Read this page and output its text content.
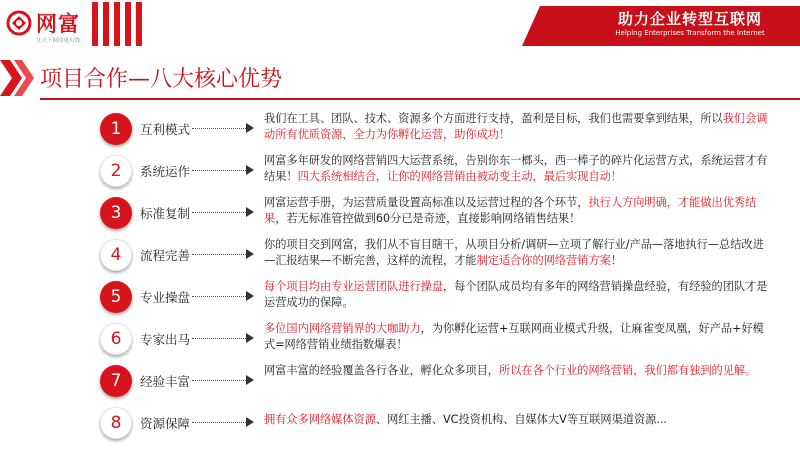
网富
让天下网商更有钱
助力企业转型互联网
Helping Enterprises Transform the Internet
项目合作—八大核心优势
1	互利模式
我们在工具、团队、技术、资源多个方面进行支持，盈利是目标，我们也需要拿到结果，所以我们会调动所有优质资源，全力为你孵化运营，助你成功！
2	系统运作
网富多年研发的网络营销四大运营系统，告别你东一榔头，西一棒子的碎片化运营方式，系统运营才有结果！四大系统相结合，让你的网络营销由被动变主动，最后实现自动！
3	标准复制
网富运营手册，为运营质量设置高标准以及运营过程的各个环节，执行人方向明确，才能做出优秀结果，若无标准管控做到60分已是奇迹，直接影响网络销售结果！
4	流程完善
你的项目交到网富，我们从不盲目瞎干，从项目分析/调研—立项了解行业/产品—落地执行—总结改进—汇报结果—不断完善，这样的流程，才能制定适合你的网络营销方案！
5	专业操盘
每个项目均由专业运营团队进行操盘，每个团队成员均有多年的网络营销操盘经验，有经验的团队才是运营成功的保障。
6	专家出马
多位国内网络营销界的大咖助力，为你孵化运营+互联网商业模式升级，让麻雀变凤凰，好产品+好模式=网络营销业绩指数爆表！
7	经验丰富
网富丰富的经验覆盖各行各业，孵化众多项目，所以在各个行业的网络营销，我们都有独到的见解。
8	资源保障	拥有众多网络媒体资源、网红主播、VC投资机构、自媒体大V等互联网渠道资源...
